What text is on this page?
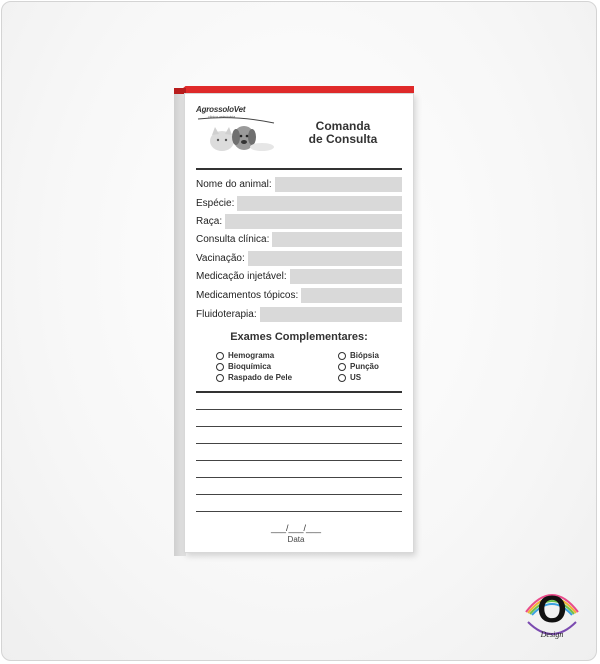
AgrossoloVet
clínica veterinária
Comanda
de Consulta
Nome do animal:
Espécie:
Raça:
Consulta clínica:
Vacinação:
Medicação injetável:
Medicamentos tópicos:
Fluidoterapia:
Exames Complementares:
Hemograma
Bioquímica
Raspado de Pele
Biópsia
Punção
US
___/___/___
Data
O
Design
